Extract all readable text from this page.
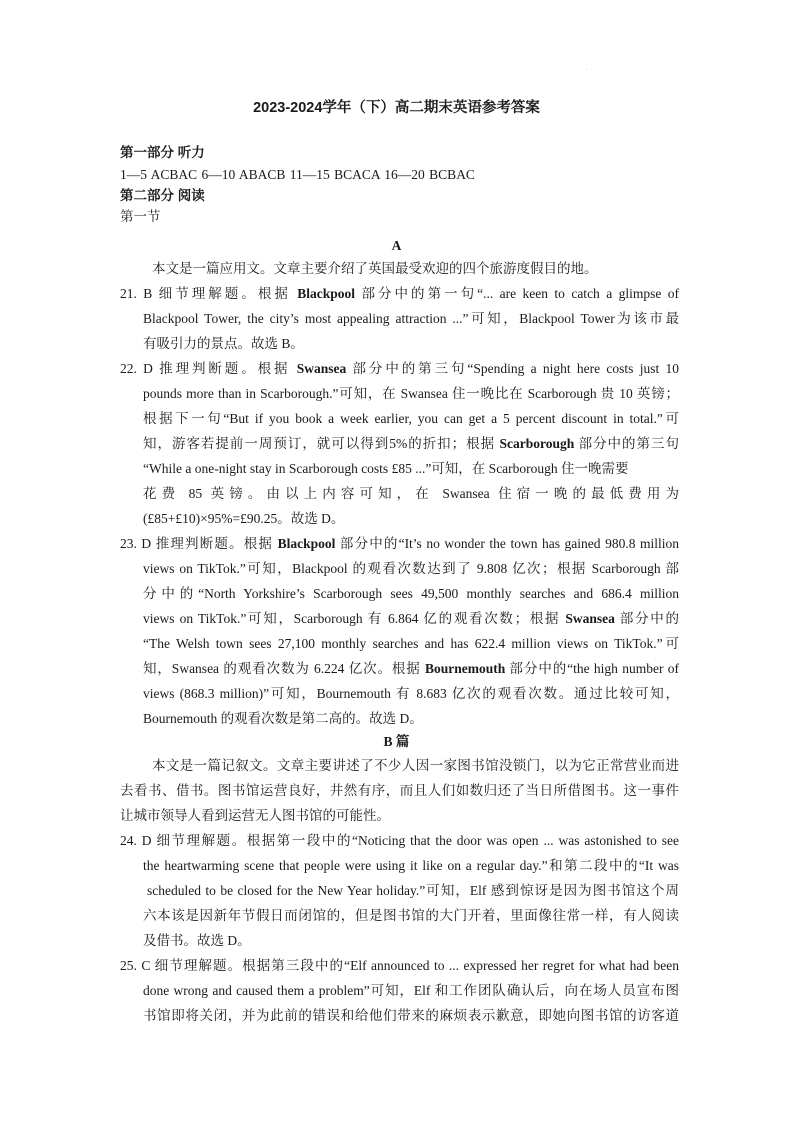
.
2023-2024学年（下）高二期末英语参考答案
第一部分 听力
1—5 ACBAC 6—10 ABACB 11—15 BCACA 16—20 BCBAC
第二部分 阅读
第一节
A
本文是一篇应用文。文章主要介绍了英国最受欢迎的四个旅游度假目的地。
21. B 细节理解题。根据 Blackpool 部分中的第一句“... are keen to catch a glimpse of
Blackpool Tower, the city’s most appealing attraction ...”可知，Blackpool Tower为该市最
有吸引力的景点。故选 B。
22. D 推理判断题。根据 Swansea 部分中的第三句“Spending a night here costs just 10
pounds more than in Scarborough.”可知，在 Swansea 住一晚比在 Scarborough 贵 10 英镑；
根据下一句“But if you book a week earlier, you can get a 5 percent discount in total.”可
知，游客若提前一周预订，就可以得到5%的折扣；根据 Scarborough 部分中的第三句
“While a one-night stay in Scarborough costs £85 ...”可知，在 Scarborough 住一晚需要
花费 85 英镑。由以上内容可知，在 Swansea 住宿一晚的最低费用为
(£85+£10)×95%=£90.25。故选 D。
23. D 推理判断题。根据 Blackpool 部分中的“It’s no wonder the town has gained 980.8 million
views on TikTok.”可知，Blackpool 的观看次数达到了 9.808 亿次；根据 Scarborough 部
分中的“North Yorkshire’s Scarborough sees 49,500 monthly searches and 686.4 million
views on TikTok.”可知，Scarborough 有 6.864 亿的观看次数；根据 Swansea 部分中的
“The Welsh town sees 27,100 monthly searches and has 622.4 million views on TikTok.”可
知，Swansea 的观看次数为 6.224 亿次。根据 Bournemouth 部分中的“the high number of
views (868.3 million)”可知，Bournemouth 有 8.683 亿次的观看次数。通过比较可知，
Bournemouth 的观看次数是第二高的。故选 D。
B 篇
本文是一篇记叙文。文章主要讲述了不少人因一家图书馆没锁门，以为它正常营业而进
去看书、借书。图书馆运营良好，井然有序，而且人们如数归还了当日所借图书。这一事件
让城市领导人看到运营无人图书馆的可能性。
24. D 细节理解题。根据第一段中的“Noticing that the door was open ... was astonished to see
the heartwarming scene that people were using it like on a regular day.”和第二段中的“It was
scheduled to be closed for the New Year holiday.”可知，Elf 感到惊讶是因为图书馆这个周
六本该是因新年节假日而闭馆的，但是图书馆的大门开着，里面像往常一样，有人阅读
及借书。故选 D。
25. C 细节理解题。根据第三段中的“Elf announced to ... expressed her regret for what had been
done wrong and caused them a problem”可知，Elf 和工作团队确认后，向在场人员宣布图
书馆即将关闭，并为此前的错误和给他们带来的麻烦表示歉意，即她向图书馆的访客道
